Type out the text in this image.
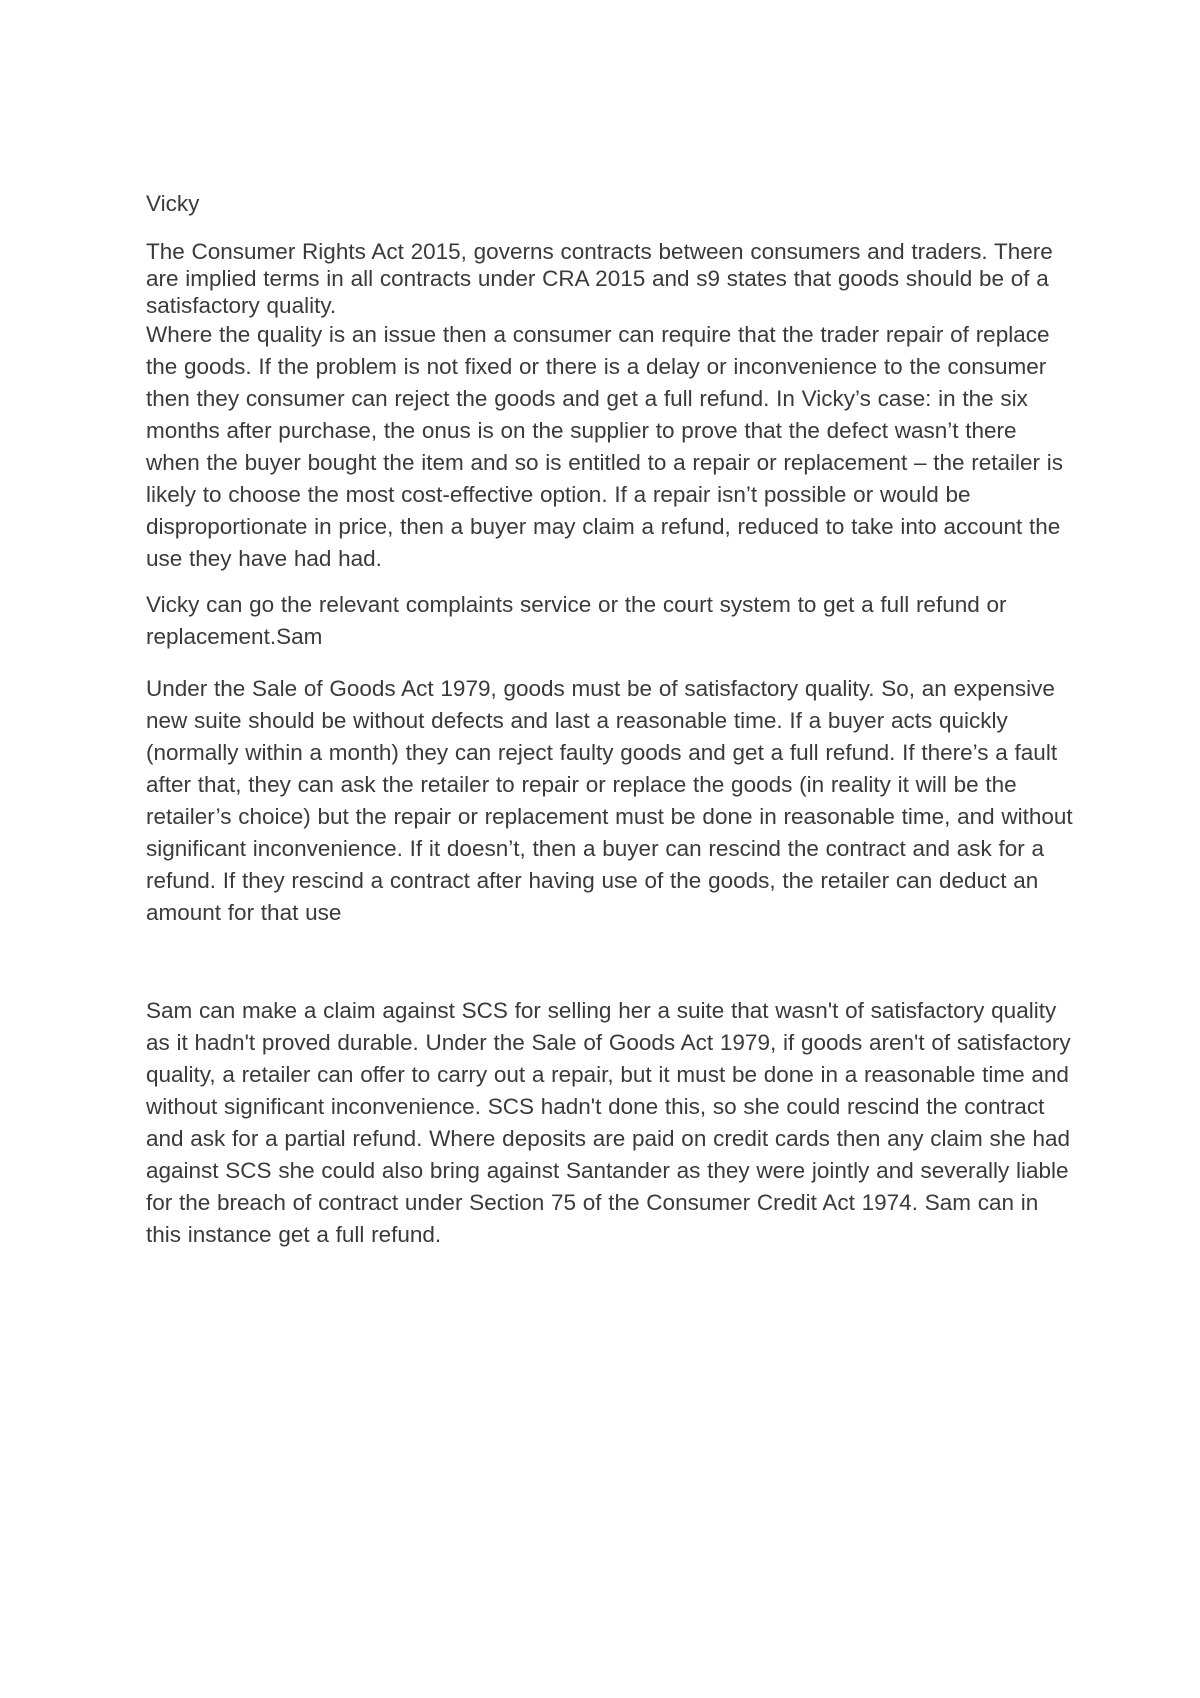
Vicky

The Consumer Rights Act 2015, governs contracts between consumers and traders. There are implied terms in all contracts under CRA 2015 and s9 states that goods should be of a satisfactory quality.

Where the quality is an issue then a consumer can require that the trader repair of replace the goods. If the problem is not fixed or there is a delay or inconvenience to the consumer then they consumer can reject the goods and get a full refund. In Vicky’s case: in the six months after purchase, the onus is on the supplier to prove that the defect wasn’t there when the buyer bought the item and so is entitled to a repair or replacement – the retailer is likely to choose the most cost-effective option. If a repair isn’t possible or would be disproportionate in price, then a buyer may claim a refund, reduced to take into account the use they have had had.

Vicky can go the relevant complaints service or the court system to get a full refund or replacement.Sam

Under the Sale of Goods Act 1979, goods must be of satisfactory quality. So, an expensive new suite should be without defects and last a reasonable time. If a buyer acts quickly (normally within a month) they can reject faulty goods and get a full refund. If there’s a fault after that, they can ask the retailer to repair or replace the goods (in reality it will be the retailer’s choice) but the repair or replacement must be done in reasonable time, and without significant inconvenience. If it doesn’t, then a buyer can rescind the contract and ask for a refund. If they rescind a contract after having use of the goods, the retailer can deduct an amount for that use

Sam can make a claim against SCS for selling her a suite that wasn't of satisfactory quality as it hadn't proved durable. Under the Sale of Goods Act 1979, if goods aren't of satisfactory quality, a retailer can offer to carry out a repair, but it must be done in a reasonable time and without significant inconvenience. SCS hadn't done this, so she could rescind the contract and ask for a partial refund. Where deposits are paid on credit cards then any claim she had against SCS she could also bring against Santander as they were jointly and severally liable for the breach of contract under Section 75 of the Consumer Credit Act 1974. Sam can in this instance get a full refund.
